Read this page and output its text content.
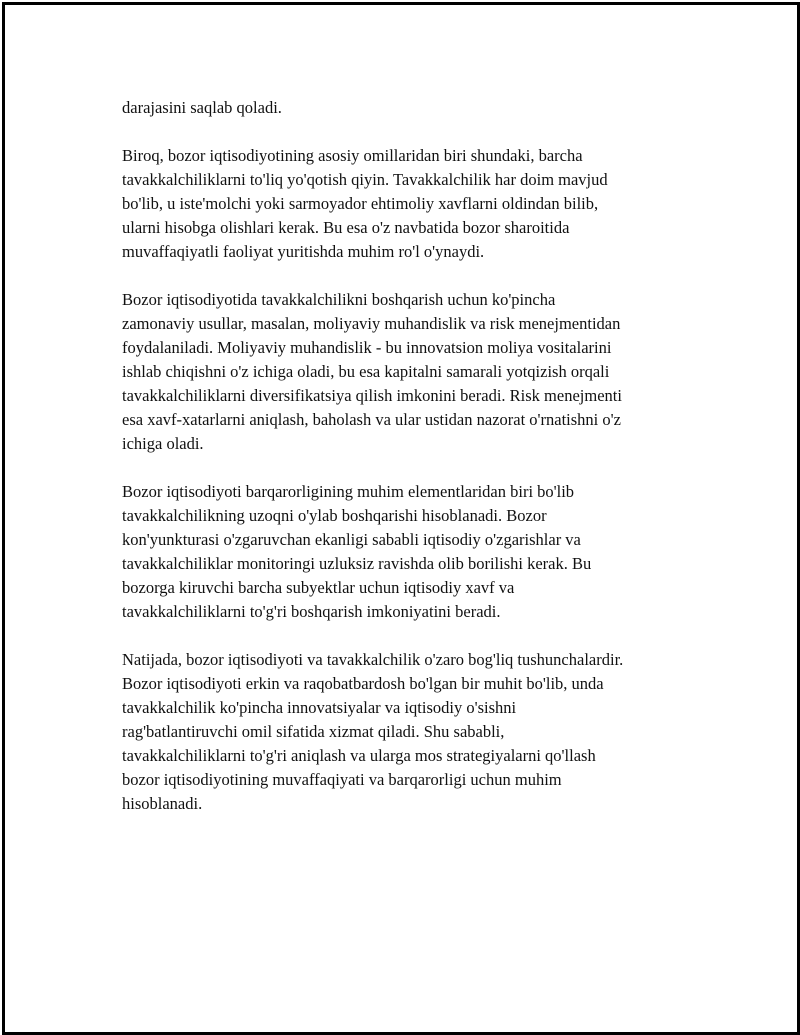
darajasini saqlab qoladi.

Biroq, bozor iqtisodiyotining asosiy omillaridan biri shundaki, barcha
tavakkalchiliklarni to'liq yo'qotish qiyin. Tavakkalchilik har doim mavjud
bo'lib, u iste'molchi yoki sarmoyador ehtimoliy xavflarni oldindan bilib,
ularni hisobga olishlari kerak. Bu esa o'z navbatida bozor sharoitida
muvaffaqiyatli faoliyat yuritishda muhim ro'l o'ynaydi.

Bozor iqtisodiyotida tavakkalchilikni boshqarish uchun ko'pincha
zamonaviy usullar, masalan, moliyaviy muhandislik va risk menejmentidan
foydalaniladi. Moliyaviy muhandislik - bu innovatsion moliya vositalarini
ishlab chiqishni o'z ichiga oladi, bu esa kapitalni samarali yotqizish orqali
tavakkalchiliklarni diversifikatsiya qilish imkonini beradi. Risk menejmenti
esa xavf-xatarlarni aniqlash, baholash va ular ustidan nazorat o'rnatishni o'z
ichiga oladi.

Bozor iqtisodiyoti barqarorligining muhim elementlaridan biri bo'lib
tavakkalchilikning uzoqni o'ylab boshqarishi hisoblanadi. Bozor
kon'yunkturasi o'zgaruvchan ekanligi sababli iqtisodiy o'zgarishlar va
tavakkalchiliklar monitoringi uzluksiz ravishda olib borilishi kerak. Bu
bozorga kiruvchi barcha subyektlar uchun iqtisodiy xavf va
tavakkalchiliklarni to'g'ri boshqarish imkoniyatini beradi.

Natijada, bozor iqtisodiyoti va tavakkalchilik o'zaro bog'liq tushunchalardir.
Bozor iqtisodiyoti erkin va raqobatbardosh bo'lgan bir muhit bo'lib, unda
tavakkalchilik ko'pincha innovatsiyalar va iqtisodiy o'sishni
rag'batlantiruvchi omil sifatida xizmat qiladi. Shu sababli,
tavakkalchiliklarni to'g'ri aniqlash va ularga mos strategiyalarni qo'llash
bozor iqtisodiyotining muvaffaqiyati va barqarorligi uchun muhim
hisoblanadi.
